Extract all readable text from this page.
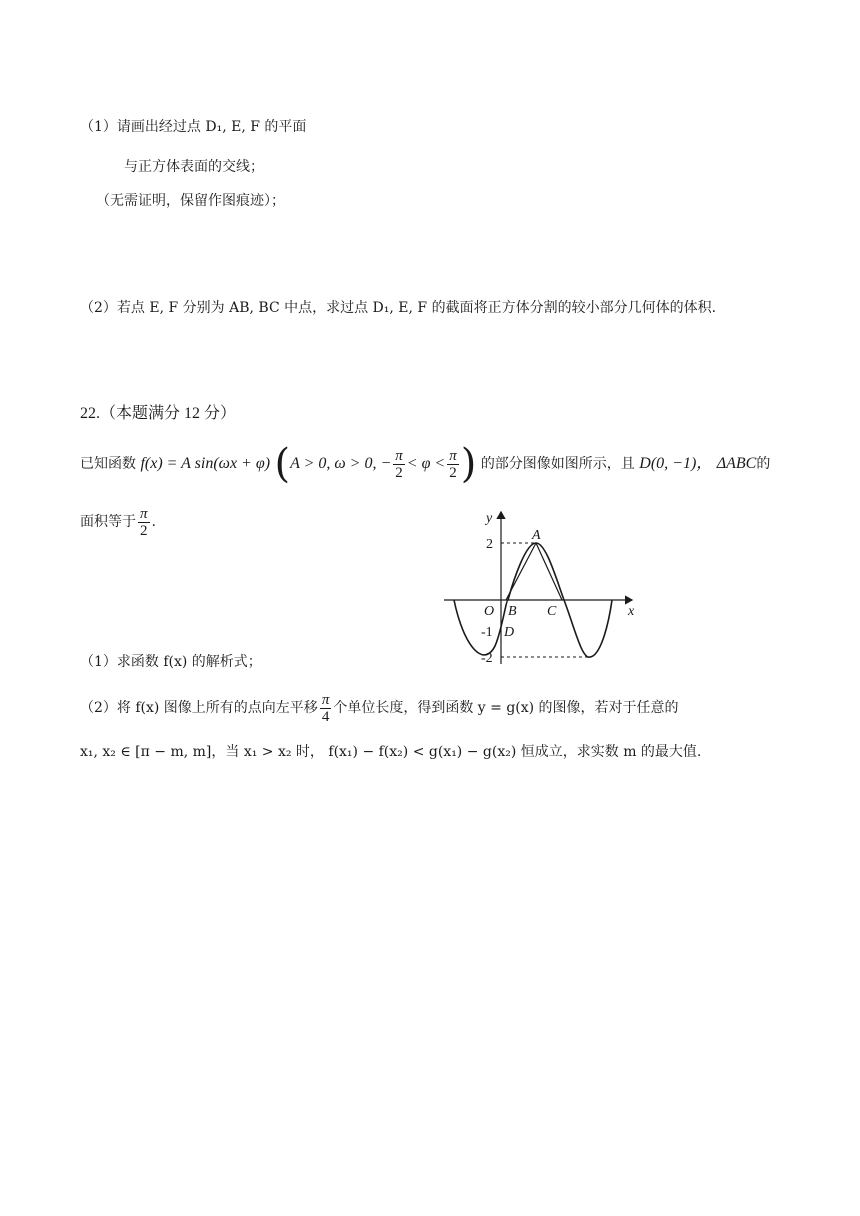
（1）请画出经过点 D₁, E, F 的平面
与正方体表面的交线；
（无需证明，保留作图痕迹）；
（2）若点 E, F 分别为 AB, BC 中点，求过点 D₁, E, F 的截面将正方体分割的较小部分几何体的体积.
22.（本题满分 12 分）
已知函数 f(x) = A sin(ωx + φ) (A > 0, ω > 0, − $\frac{\pi}{2} < \varphi < \frac{\pi}{2}$ ) 的部分图像如图所示，且 D(0, −1)， ΔABC的
面积等于 $\frac{\pi}{2}$ .
（1）求函数 f(x) 的解析式；
（2）将 f(x) 图像上所有的点向左平移 $\frac{\pi}{4}$ 个单位长度，得到函数 y = g(x) 的图像，若对于任意的
x₁, x₂ ∈ [π − m, m]，当 x₁ > x₂ 时， f(x₁) − f(x₂) < g(x₁) − g(x₂) 恒成立，求实数 m 的最大值.
y
x
2
-1
-2
O
A
B C
D
